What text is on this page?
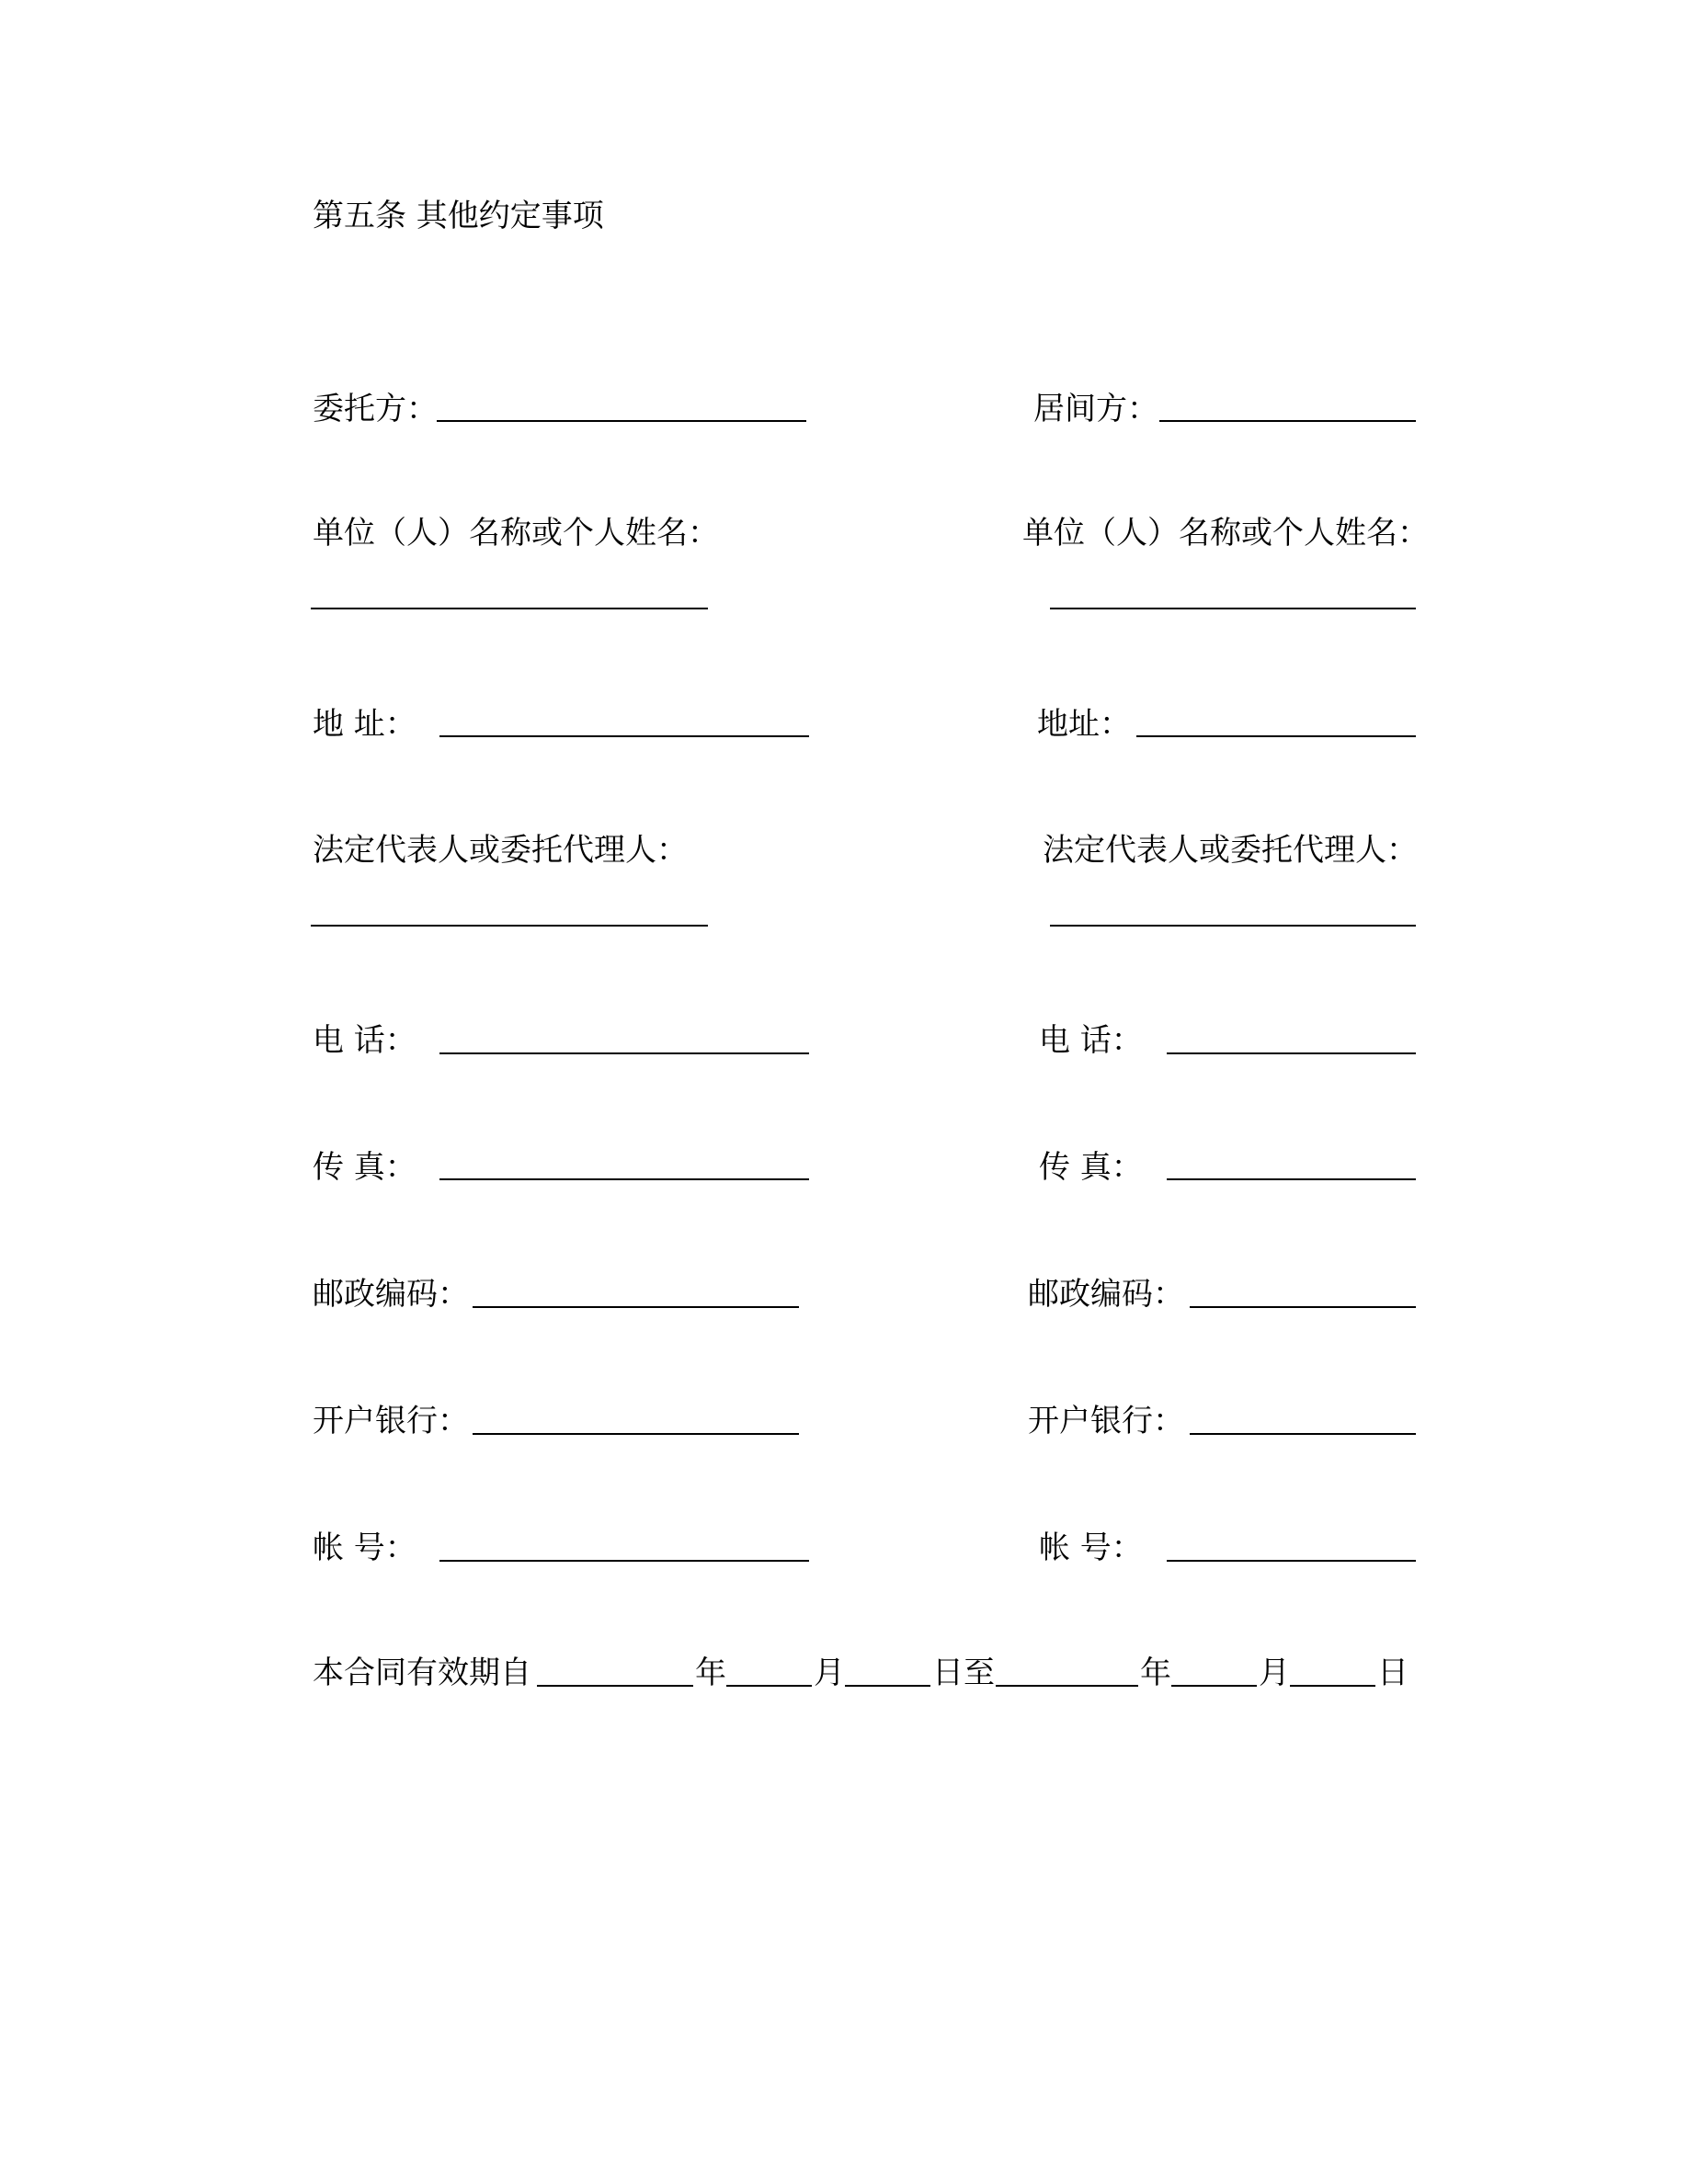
第五条 其他约定事项
委托方：	居间方：
单位（人）名称或个人姓名：	单位（人）名称或个人姓名：
地 址：	地址：
法定代表人或委托代理人：	法定代表人或委托代理人：
电 话：	电 话：
传 真：	传 真：
邮政编码：	邮政编码：
开户银行：	开户银行：
帐 号：	帐 号：
本合同有效期自	年	月	日至	年	月	日
